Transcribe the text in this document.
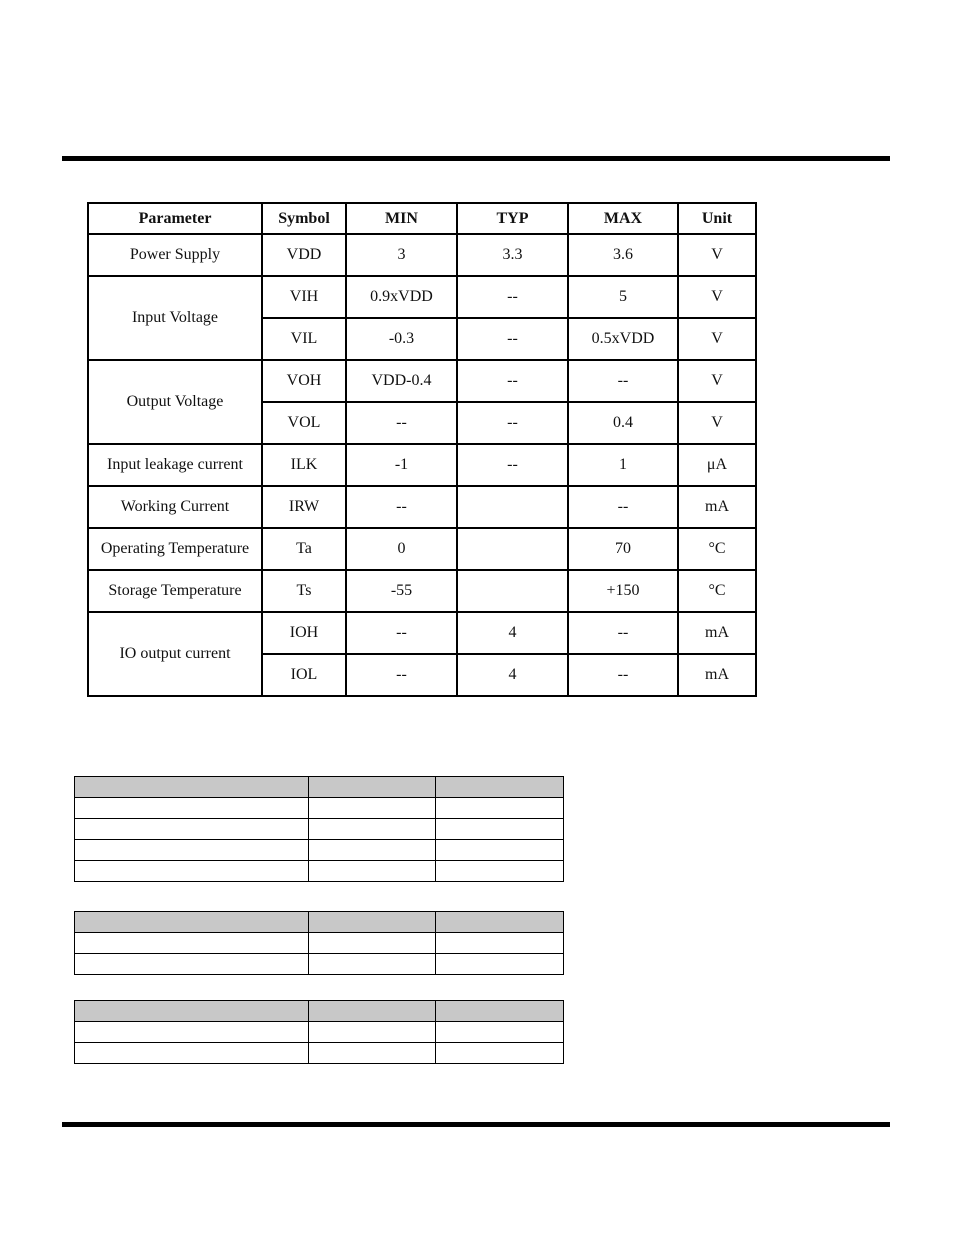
Parameter	Symbol	MIN	TYP	MAX	Unit
Power Supply	VDD	3	3.3	3.6	V
Input Voltage	VIH	0.9xVDD	--	5	V
	VIL	-0.3	--	0.5xVDD	V
Output Voltage	VOH	VDD-0.4	--	--	V
	VOL	--	--	0.4	V
Input leakage current	ILK	-1	--	1	μA
Working Current	IRW	--		--	mA
Operating Temperature	Ta	0		70	°C
Storage Temperature	Ts	-55		+150	°C
IO output current	IOH	--	4	--	mA
	IOL	--	4	--	mA
